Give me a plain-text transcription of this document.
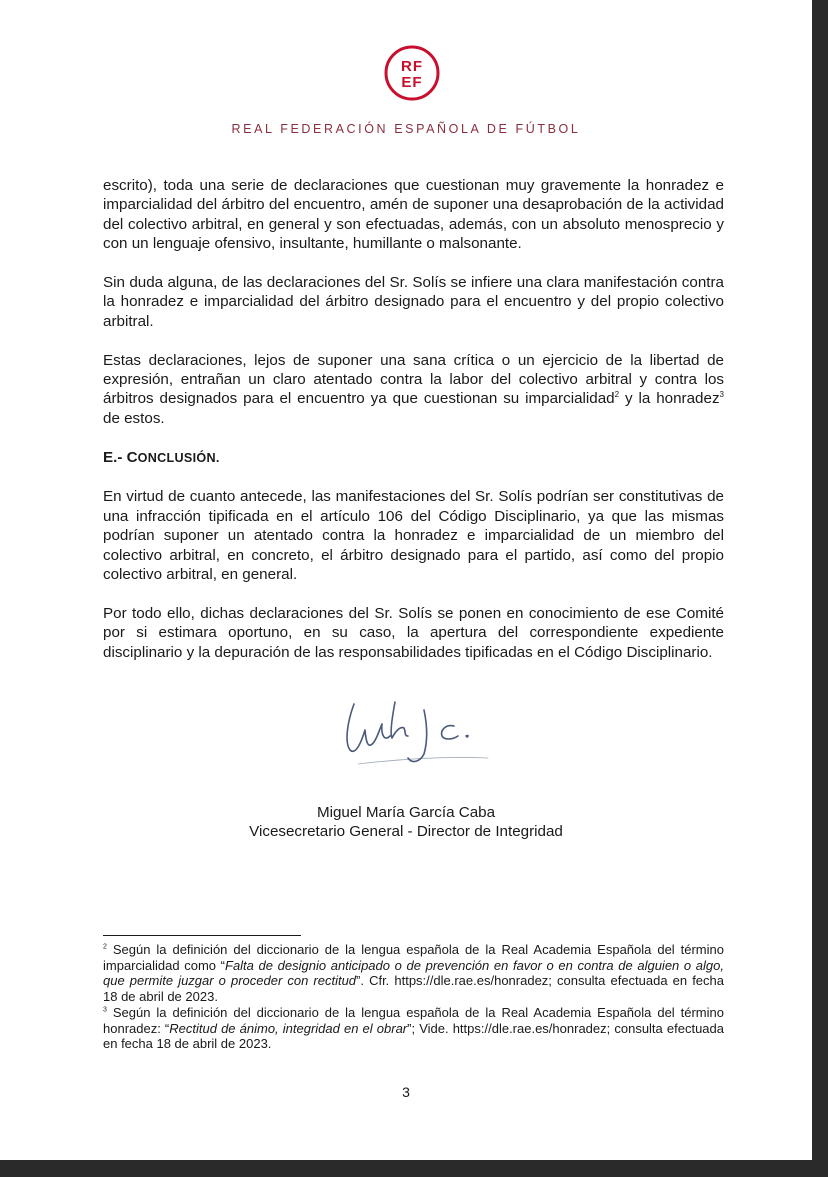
RF
EF
REAL FEDERACIÓN ESPAÑOLA DE FÚTBOL

escrito), toda una serie de declaraciones que cuestionan muy gravemente la honradez e imparcialidad del árbitro del encuentro, amén de suponer una desaprobación de la actividad del colectivo arbitral, en general y son efectuadas, además, con un absoluto menosprecio y con un lenguaje ofensivo, insultante, humillante o malsonante.

Sin duda alguna, de las declaraciones del Sr. Solís se infiere una clara manifestación contra la honradez e imparcialidad del árbitro designado para el encuentro y del propio colectivo arbitral.

Estas declaraciones, lejos de suponer una sana crítica o un ejercicio de la libertad de expresión, entrañan un claro atentado contra la labor del colectivo arbitral y contra los árbitros designados para el encuentro ya que cuestionan su imparcialidad$^2$ y la honradez$^3$ de estos.

E.- CONCLUSIÓN.

En virtud de cuanto antecede, las manifestaciones del Sr. Solís podrían ser constitutivas de una infracción tipificada en el artículo 106 del Código Disciplinario, ya que las mismas podrían suponer un atentado contra la honradez e imparcialidad de un miembro del colectivo arbitral, en concreto, el árbitro designado para el partido, así como del propio colectivo arbitral, en general.

Por todo ello, dichas declaraciones del Sr. Solís se ponen en conocimiento de ese Comité por si estimara oportuno, en su caso, la apertura del correspondiente expediente disciplinario y la depuración de las responsabilidades tipificadas en el Código Disciplinario.

Miguel María García Caba
Vicesecretario General - Director de Integridad

$^2$ Según la definición del diccionario de la lengua española de la Real Academia Española del término imparcialidad como “Falta de designio anticipado o de prevención en favor o en contra de alguien o algo, que permite juzgar o proceder con rectitud”. Cfr. https://dle.rae.es/honradez; consulta efectuada en fecha 18 de abril de 2023.

$^3$ Según la definición del diccionario de la lengua española de la Real Academia Española del término honradez: “Rectitud de ánimo, integridad en el obrar”; Vide. https://dle.rae.es/honradez; consulta efectuada en fecha 18 de abril de 2023.

3
